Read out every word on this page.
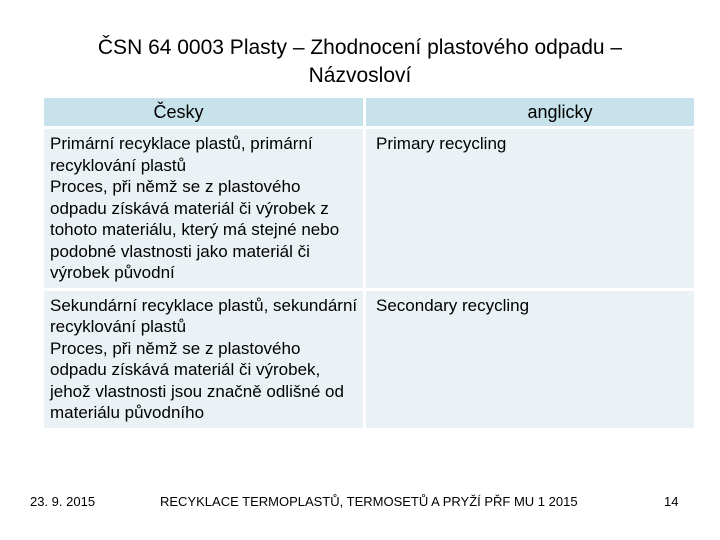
ČSN 64 0003 Plasty – Zhodnocení plastového odpadu –
Názvosloví
Česky	anglicky

Primární recyklace plastů, primární recyklování plastů
Proces, při němž se z plastového odpadu získává materiál či výrobek z tohoto materiálu, který má stejné nebo podobné vlastnosti jako materiál či výrobek původní	Primary recycling

Sekundární recyklace plastů, sekundární recyklování plastů
Proces, při němž se z plastového odpadu získává materiál či výrobek, jehož vlastnosti jsou značně odlišné od materiálu původního	Secondary recycling
23. 9. 2015	RECYKLACE TERMOPLASTŮ, TERMOSETŮ A PRYŽÍ PŘF MU 1 2015	14
